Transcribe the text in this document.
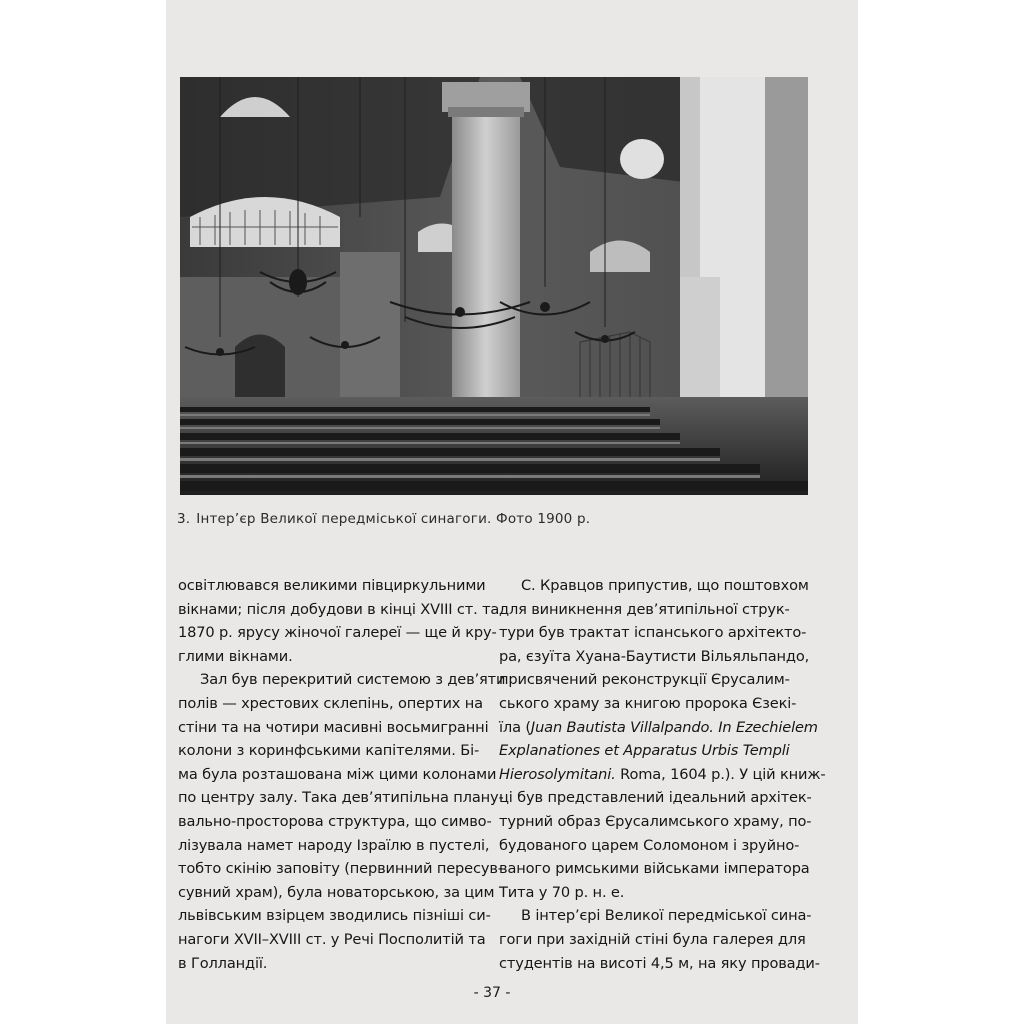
3. Інтер’єр Великої передміської синагоги. Фото 1900 р.
освітлювався великими півциркульними
вікнами; після добудови в кінці XVIII ст. та
1870 р. ярусу жіночої галереї — ще й кру-
глими вікнами.
Зал був перекритий системою з дев’яти
полів — хрестових склепінь, опертих на
стіни та на чотири масивні восьмигранні
колони з коринфськими капітелями. Бі-
ма була розташована між цими колонами
по центру залу. Така дев’ятипільна плану-
вально-просторова структура, що симво-
лізувала намет народу Ізраїлю в пустелі,
тобто скінію заповіту (первинний пересув-
сувний храм), була новаторською, за цим
львівським взірцем зводились пізніші си-
нагоги XVII–XVIII ст. у Речі Посполитій та
в Голландії.
С. Кравцов припустив, що поштовхом
для виникнення дев’ятипільної струк-
тури був трактат іспанського архітекто-
ра, єзуїта Хуана-Баутисти Вільяльпандо,
присвячений реконструкції Єрусалим-
ського храму за книгою пророка Єзекі-
їла (Juan Bautista Villalpando. In Ezechielem
Explanationes et Apparatus Urbis Templi
Hierosolymitani. Roma, 1604 р.). У цій книж-
ці був представлений ідеальний архітек-
турний образ Єрусалимського храму, по-
будованого царем Соломоном і зруйно-
ваного римськими військами імператора
Тита у 70 р. н. е.
В інтер’єрі Великої передміської сина-
гоги при західній стіні була галерея для
студентів на висоті 4,5 м, на яку провади-
- 37 -
